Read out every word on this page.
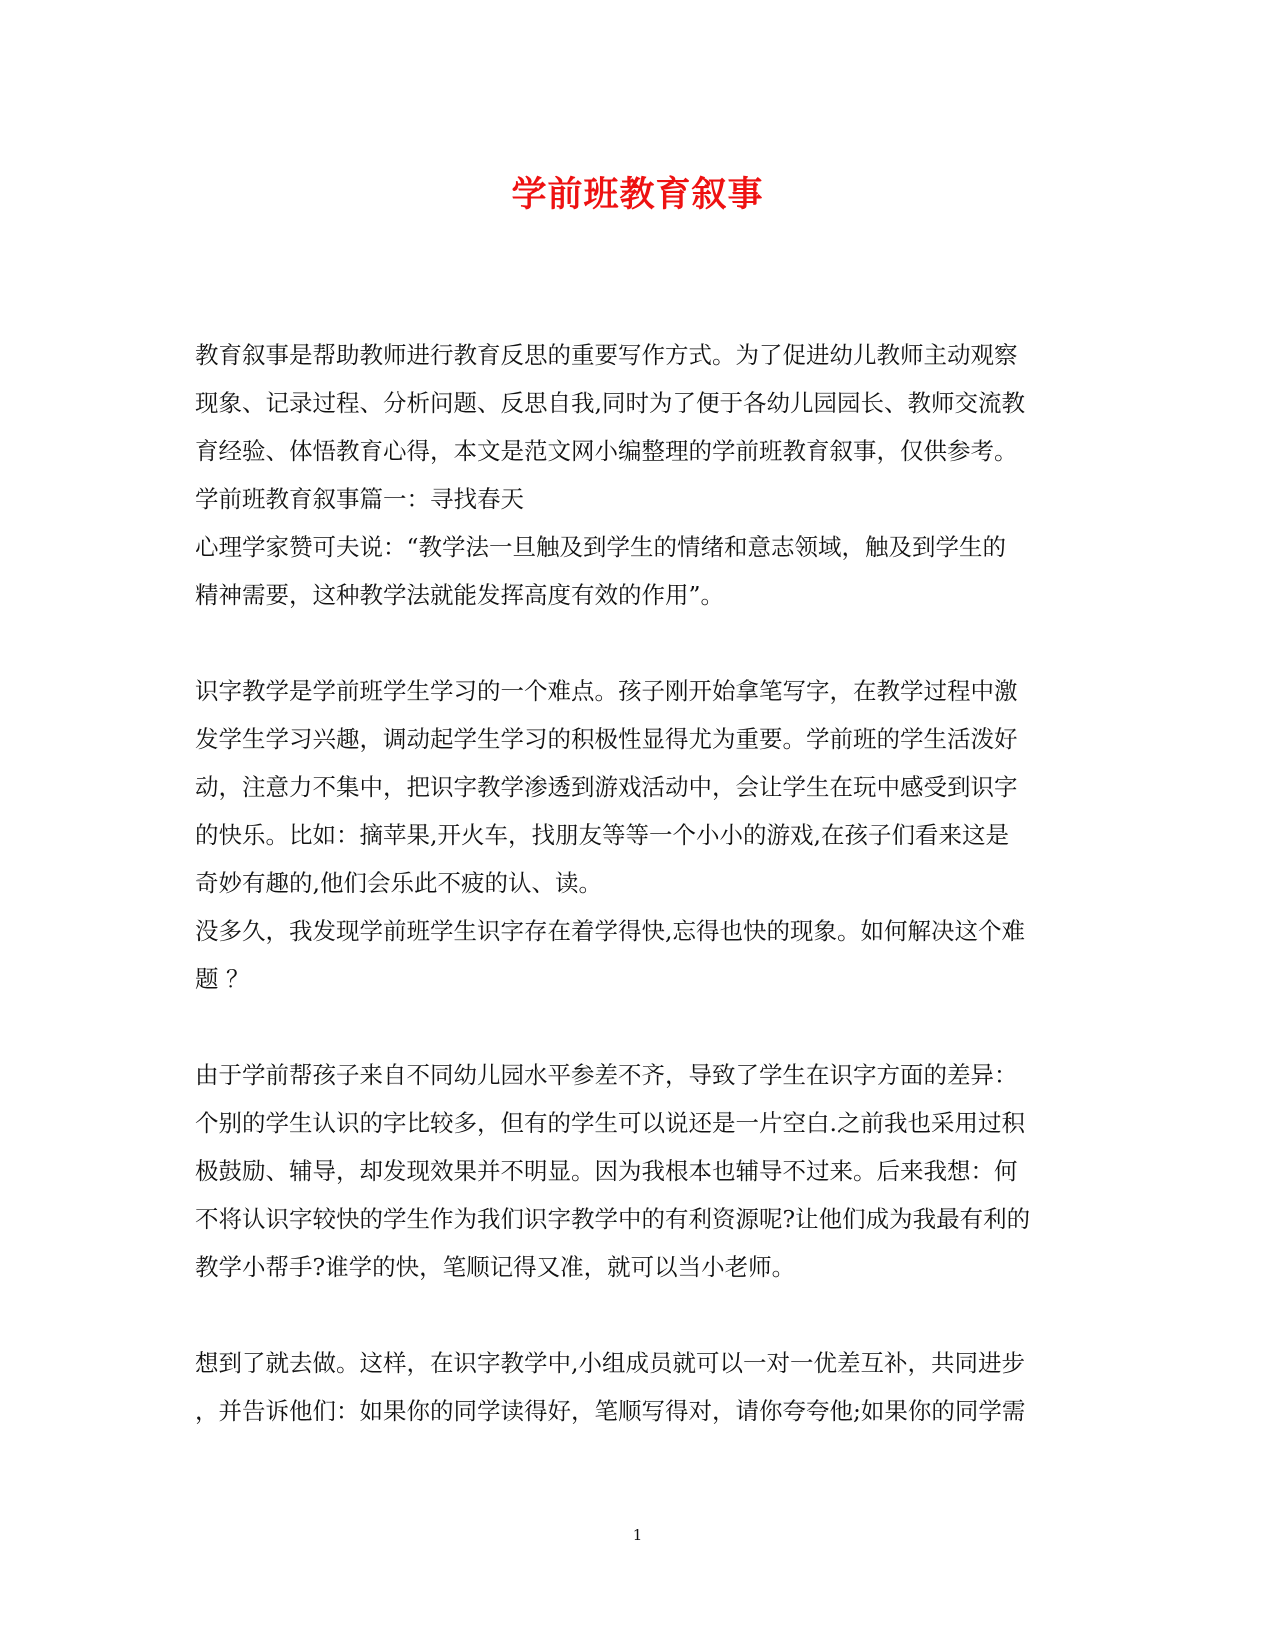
学前班教育叙事
教育叙事是帮助教师进行教育反思的重要写作方式。为了促进幼儿教师主动观察
现象、记录过程、分析问题、反思自我,同时为了便于各幼儿园园长、教师交流教
育经验、体悟教育心得，本文是范文网小编整理的学前班教育叙事，仅供参考。
学前班教育叙事篇一：寻找春天
心理学家赞可夫说：“教学法一旦触及到学生的情绪和意志领域，触及到学生的
精神需要，这种教学法就能发挥高度有效的作用”。
识字教学是学前班学生学习的一个难点。孩子刚开始拿笔写字，在教学过程中激
发学生学习兴趣，调动起学生学习的积极性显得尤为重要。学前班的学生活泼好
动，注意力不集中，把识字教学渗透到游戏活动中，会让学生在玩中感受到识字
的快乐。比如：摘苹果,开火车，找朋友等等一个小小的游戏,在孩子们看来这是
奇妙有趣的,他们会乐此不疲的认、读。
没多久，我发现学前班学生识字存在着学得快,忘得也快的现象。如何解决这个难
题 ？
由于学前帮孩子来自不同幼儿园水平参差不齐，导致了学生在识字方面的差异：
个别的学生认识的字比较多，但有的学生可以说还是一片空白.之前我也采用过积
极鼓励、辅导，却发现效果并不明显。因为我根本也辅导不过来。后来我想：何
不将认识字较快的学生作为我们识字教学中的有利资源呢?让他们成为我最有利的
教学小帮手?谁学的快，笔顺记得又准，就可以当小老师。
想到了就去做。这样，在识字教学中,小组成员就可以一对一优差互补，共同进步
，并告诉他们：如果你的同学读得好，笔顺写得对，请你夸夸他;如果你的同学需
1
